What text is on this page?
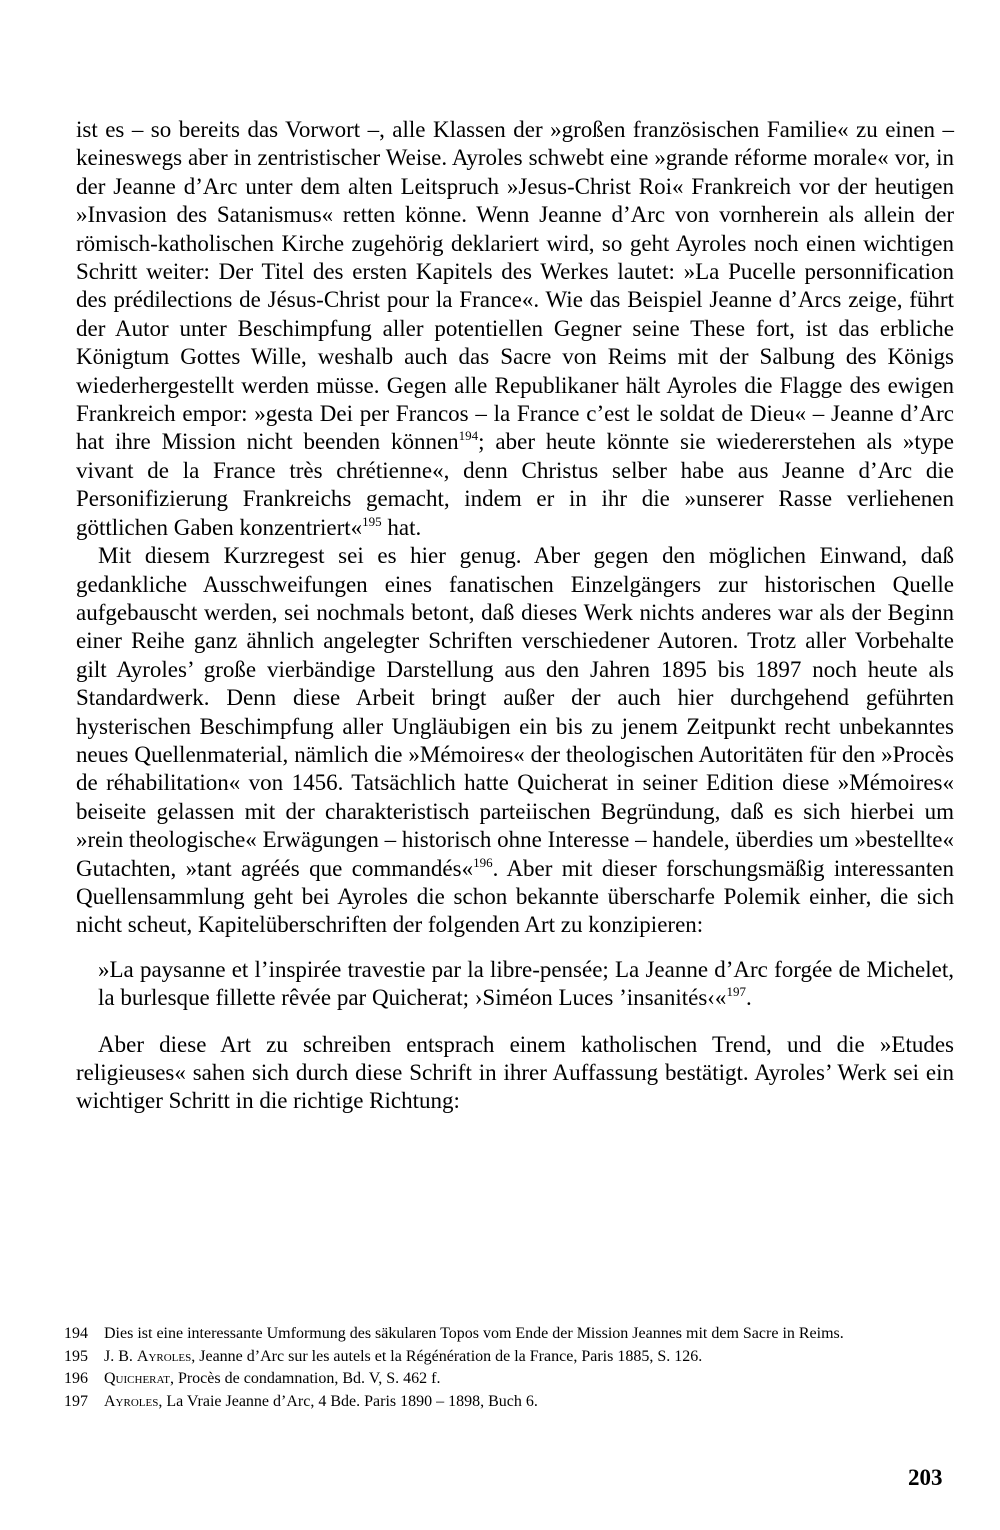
ist es – so bereits das Vorwort –, alle Klassen der »großen französischen Familie« zu einen – keineswegs aber in zentristischer Weise. Ayroles schwebt eine »grande réforme morale« vor, in der Jeanne d’Arc unter dem alten Leitspruch »Jesus-Christ Roi« Frankreich vor der heutigen »Invasion des Satanismus« retten könne. Wenn Jeanne d’Arc von vornherein als allein der römisch-katholischen Kirche zugehörig deklariert wird, so geht Ayroles noch einen wichtigen Schritt weiter: Der Titel des ersten Kapitels des Werkes lautet: »La Pucelle personnification des prédilections de Jésus-Christ pour la France«. Wie das Beispiel Jeanne d’Arcs zeige, führt der Autor unter Beschimpfung aller potentiellen Gegner seine These fort, ist das erbliche Königtum Gottes Wille, weshalb auch das Sacre von Reims mit der Salbung des Königs wiederhergestellt werden müsse. Gegen alle Republikaner hält Ayroles die Flagge des ewigen Frankreich empor: »gesta Dei per Francos – la France c’est le soldat de Dieu« – Jeanne d’Arc hat ihre Mission nicht beenden können$^{194}$; aber heute könnte sie wiedererstehen als »type vivant de la France très chrétienne«, denn Christus selber habe aus Jeanne d’Arc die Personifizierung Frankreichs gemacht, indem er in ihr die »unserer Rasse verliehenen göttlichen Gaben konzentriert«$^{195}$ hat.

Mit diesem Kurzregest sei es hier genug. Aber gegen den möglichen Einwand, daß gedankliche Ausschweifungen eines fanatischen Einzelgängers zur historischen Quelle aufgebauscht werden, sei nochmals betont, daß dieses Werk nichts anderes war als der Beginn einer Reihe ganz ähnlich angelegter Schriften verschiedener Autoren. Trotz aller Vorbehalte gilt Ayroles’ große vierbändige Darstellung aus den Jahren 1895 bis 1897 noch heute als Standardwerk. Denn diese Arbeit bringt außer der auch hier durchgehend geführten hysterischen Beschimpfung aller Ungläubigen ein bis zu jenem Zeitpunkt recht unbekanntes neues Quellenmaterial, nämlich die »Mémoires« der theologischen Autoritäten für den »Procès de réhabilitation« von 1456. Tatsächlich hatte Quicherat in seiner Edition diese »Mémoires« beiseite gelassen mit der charakteristisch parteiischen Begründung, daß es sich hierbei um »rein theologische« Erwägungen – historisch ohne Interesse – handele, überdies um »bestellte« Gutachten, »tant agréés que commandés«$^{196}$. Aber mit dieser forschungsmäßig interessanten Quellensammlung geht bei Ayroles die schon bekannte überscharfe Polemik einher, die sich nicht scheut, Kapitelüberschriften der folgenden Art zu konzipieren:

»La paysanne et l’inspirée travestie par la libre-pensée; La Jeanne d’Arc forgée de Michelet, la burlesque fillette rêvée par Quicherat; ›Siméon Luces ’insanités‹«$^{197}$.

Aber diese Art zu schreiben entsprach einem katholischen Trend, und die »Etudes religieuses« sahen sich durch diese Schrift in ihrer Auffassung bestätigt. Ayroles’ Werk sei ein wichtiger Schritt in die richtige Richtung:

194	Dies ist eine interessante Umformung des säkularen Topos vom Ende der Mission Jeannes mit dem Sacre in Reims.

195	J. B. Ayroles, Jeanne d’Arc sur les autels et la Régénération de la France, Paris 1885, S. 126.

196	Quicherat, Procès de condamnation, Bd. V, S. 462 f.

197	Ayroles, La Vraie Jeanne d’Arc, 4 Bde. Paris 1890 – 1898, Buch 6.

203
